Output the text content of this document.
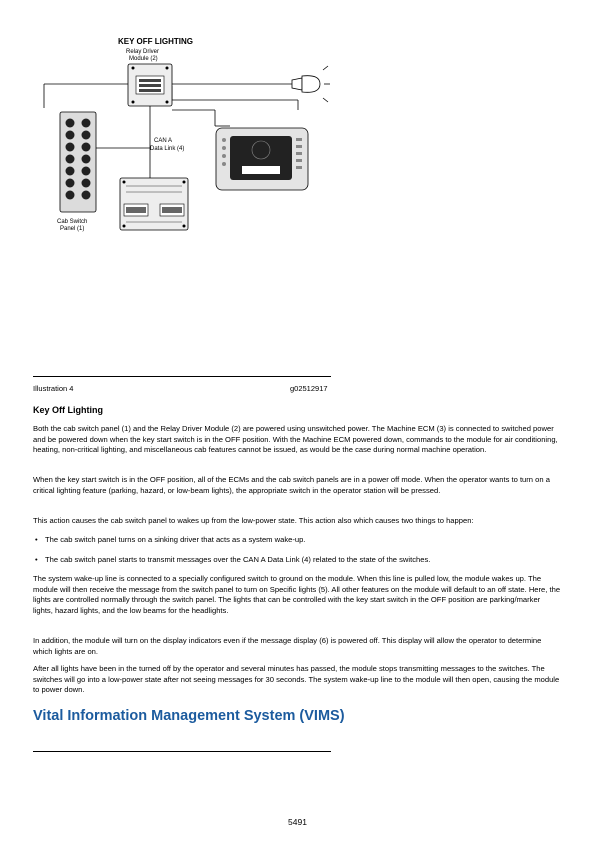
KEY OFF LIGHTING
Relay Driver
Module (2)
Cab Switch
Panel (1)
CAN A
Data Link (4)
Illustration 4	g02512917
Key Off Lighting

Both the cab switch panel (1) and the Relay Driver Module (2) are powered using unswitched power. The Machine ECM (3) is connected to switched power and be powered down when the key start switch is in the OFF position. With the Machine ECM powered down, commands to the module for air conditioning, heating, non-critical lighting, and miscellaneous cab features cannot be issued, as would be the case during normal machine operation.

When the key start switch is in the OFF position, all of the ECMs and the cab switch panels are in a power off mode. When the operator wants to turn on a critical lighting feature (parking, hazard, or low-beam lights), the appropriate switch in the operator station will be pressed.

This action causes the cab switch panel to wakes up from the low-power state. This action also which causes two things to happen:

• The cab switch panel turns on a sinking driver that acts as a system wake-up.
• The cab switch panel starts to transmit messages over the CAN A Data Link (4) related to the state of the switches.

The system wake-up line is connected to a specially configured switch to ground on the module. When this line is pulled low, the module wakes up. The module will then receive the message from the switch panel to turn on Specific lights (5). All other features on the module will default to an off state. Here, the lights are controlled normally through the switch panel. The lights that can be controlled with the key start switch in the OFF position are parking/marker lights, hazard lights, and the low beams for the headlights.

In addition, the module will turn on the display indicators even if the message display (6) is powered off. This display will allow the operator to determine which lights are on.

After all lights have been in the turned off by the operator and several minutes has passed, the module stops transmitting messages to the switches. The switches will go into a low-power state after not seeing messages for 30 seconds. The system wake-up line to the module will then open, causing the module to power down.

Vital Information Management System (VIMS)
5491
